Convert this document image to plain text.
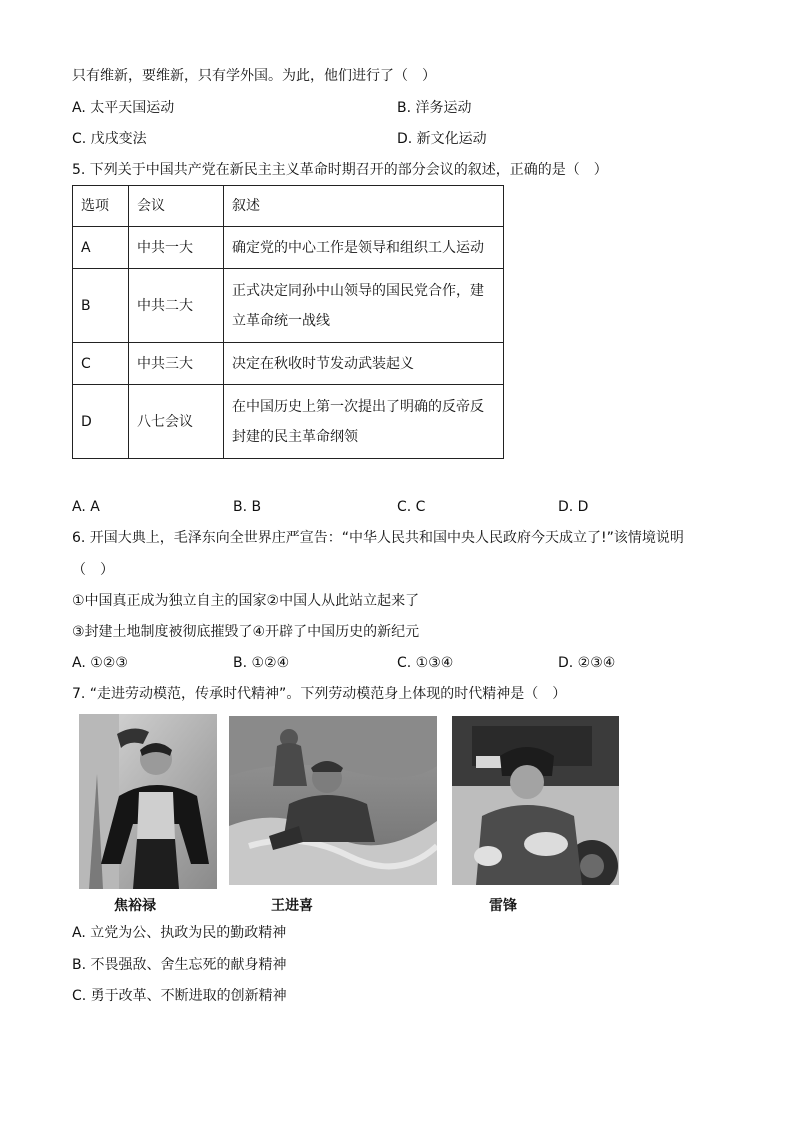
只有维新，要维新，只有学外国。为此，他们进行了（　）
A. 太平天国运动	B. 洋务运动
C. 戊戌变法	D. 新文化运动
5. 下列关于中国共产党在新民主主义革命时期召开的部分会议的叙述，正确的是（　）
选项	会议	叙述
A	中共一大	确定党的中心工作是领导和组织工人运动
B	中共二大	正式决定同孙中山领导的国民党合作，建
立革命统一战线
C	中共三大	决定在秋收时节发动武装起义
D	八七会议	在中国历史上第一次提出了明确的反帝反
封建的民主革命纲领
A. A	B. B	C. C	D. D
6. 开国大典上，毛泽东向全世界庄严宣告：“中华人民共和国中央人民政府今天成立了!”该情境说明
（　）
①中国真正成为独立自主的国家②中国人从此站立起来了
③封建土地制度被彻底摧毁了④开辟了中国历史的新纪元
A. ①②③	B. ①②④	C. ①③④	D. ②③④
7. “走进劳动模范，传承时代精神”。下列劳动模范身上体现的时代精神是（　）
焦裕禄	王进喜	雷锋
A. 立党为公、执政为民的勤政精神
B. 不畏强敌、舍生忘死的献身精神
C. 勇于改革、不断进取的创新精神
